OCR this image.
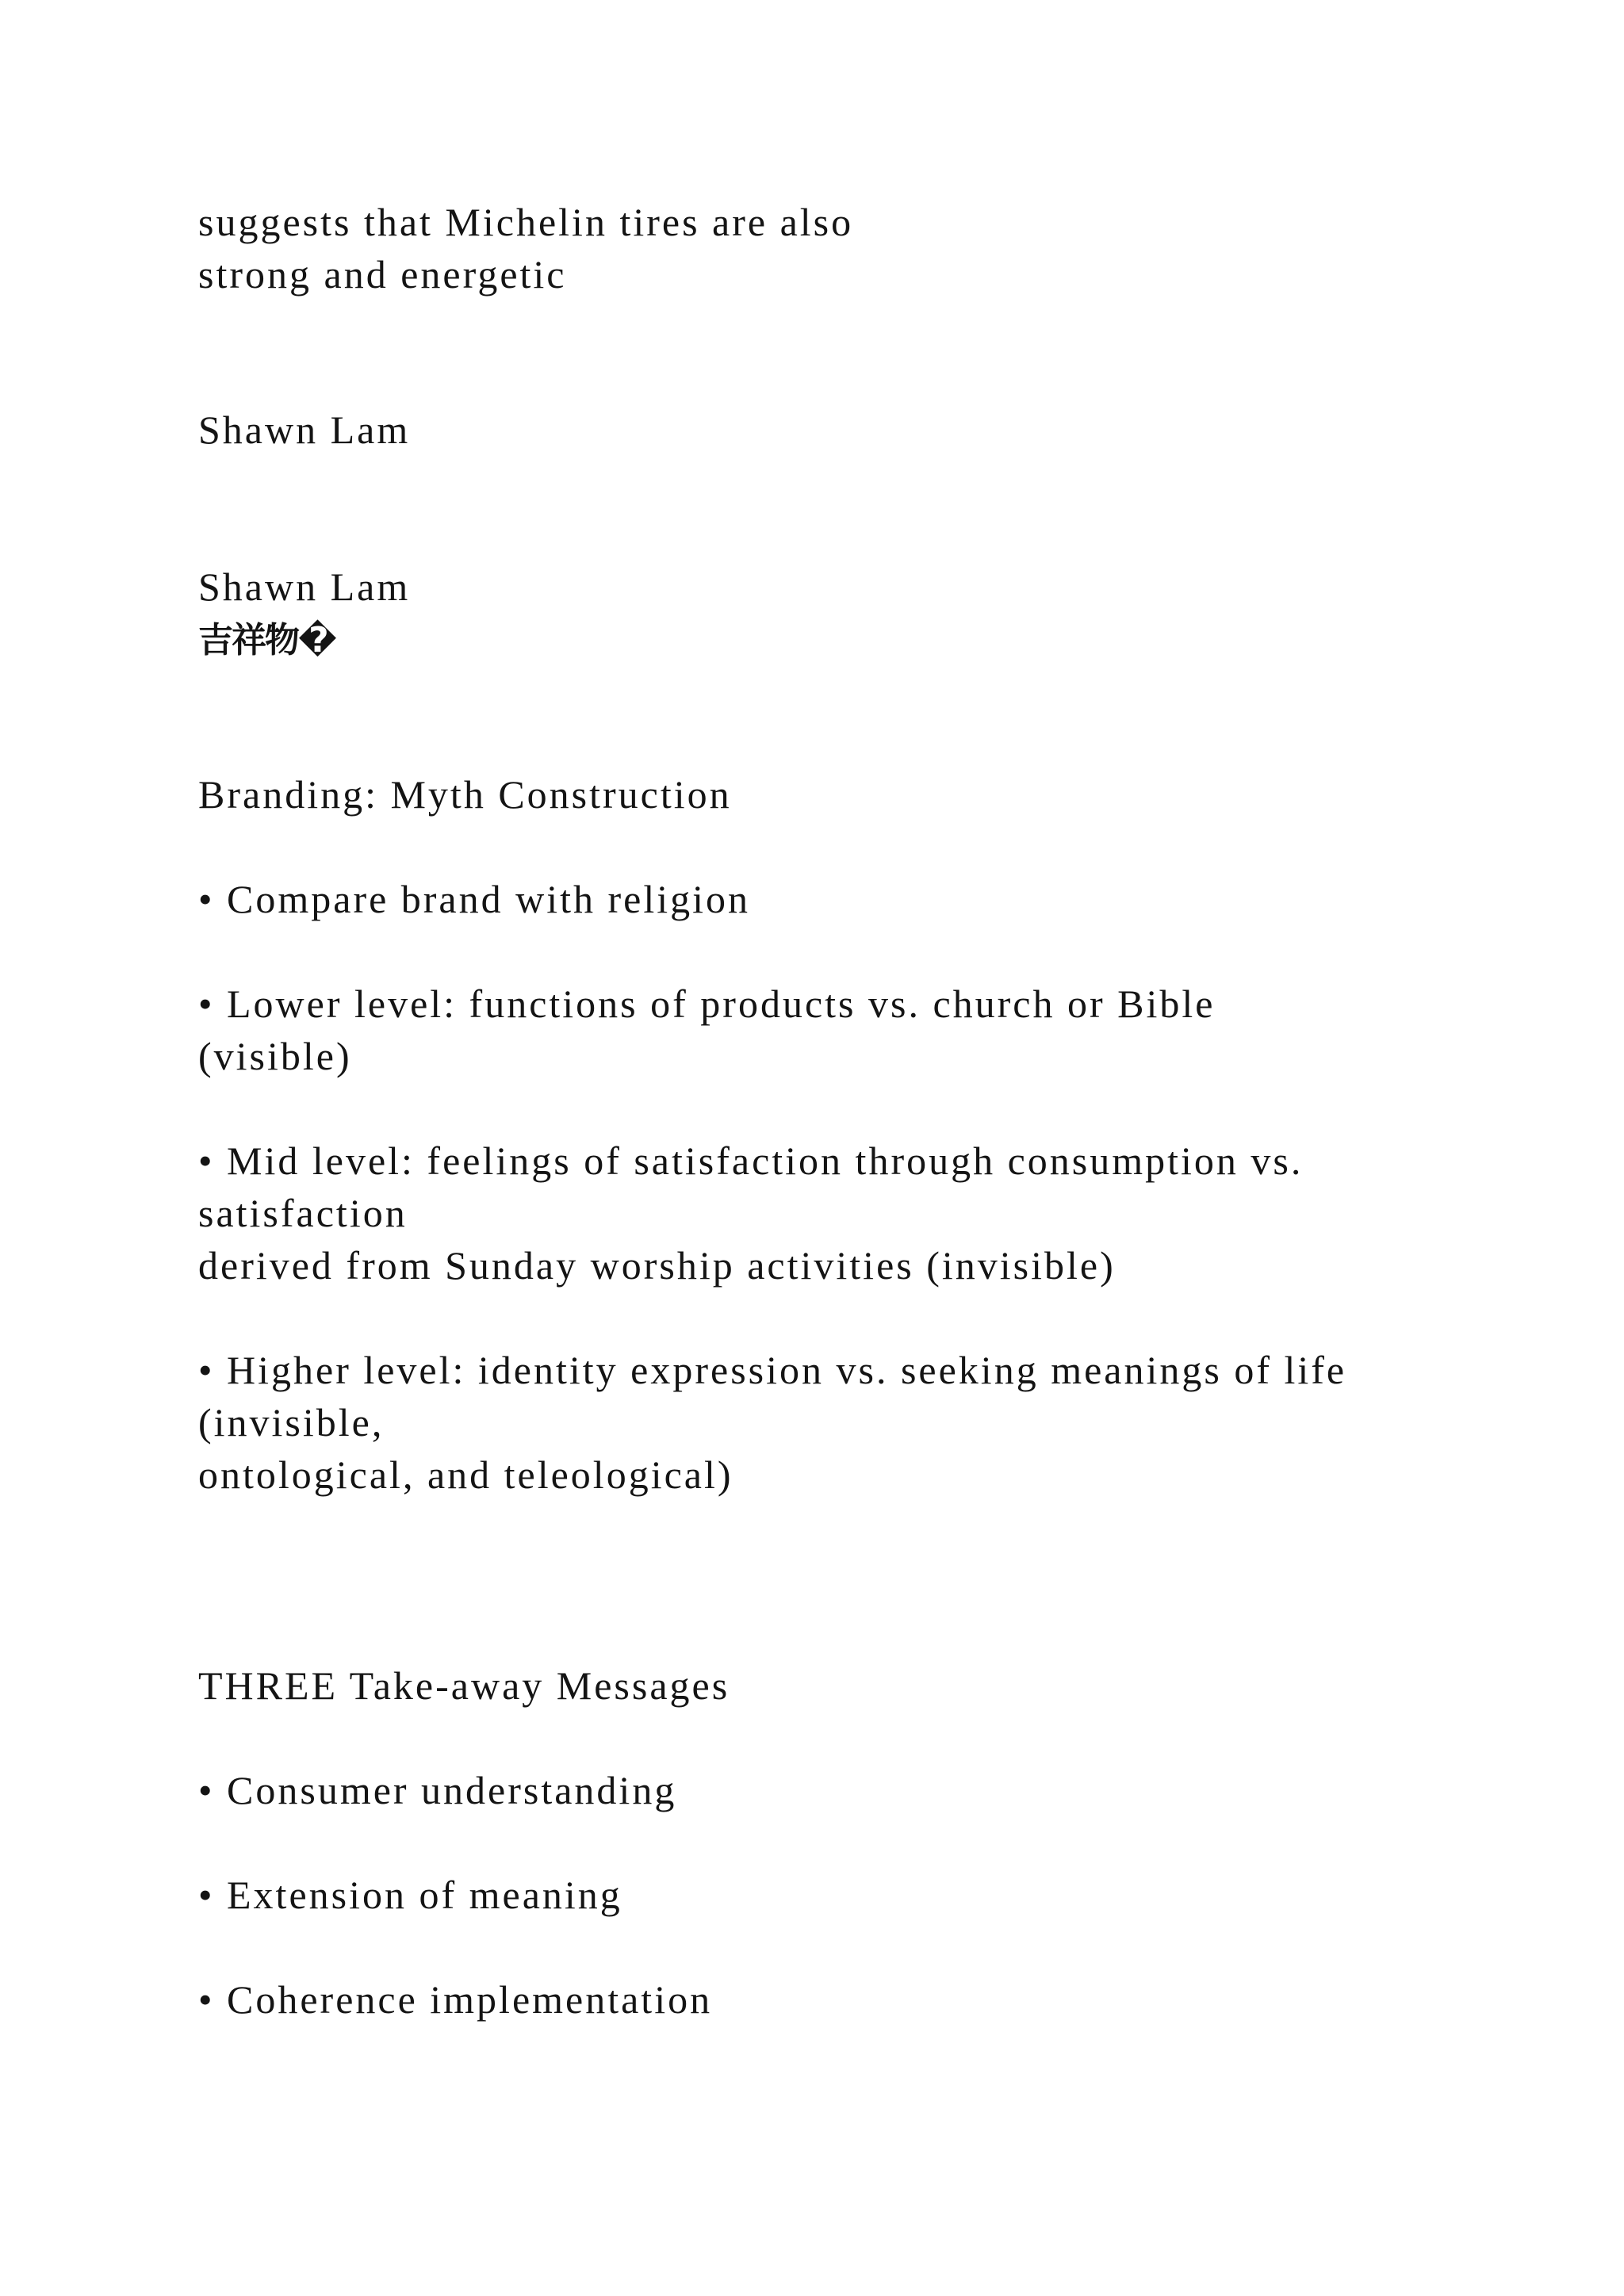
suggests that Michelin tires are also

strong and energetic

Shawn Lam

Shawn Lam

吉祥物�

Branding: Myth Construction

• Compare brand with religion

• Lower level: functions of products vs. church or Bible

(visible)

• Mid level: feelings of satisfaction through consumption vs.

satisfaction

derived from Sunday worship activities (invisible)

• Higher level: identity expression vs. seeking meanings of life

(invisible,

ontological, and teleological)

THREE Take-away Messages

• Consumer understanding

• Extension of meaning

• Coherence implementation
